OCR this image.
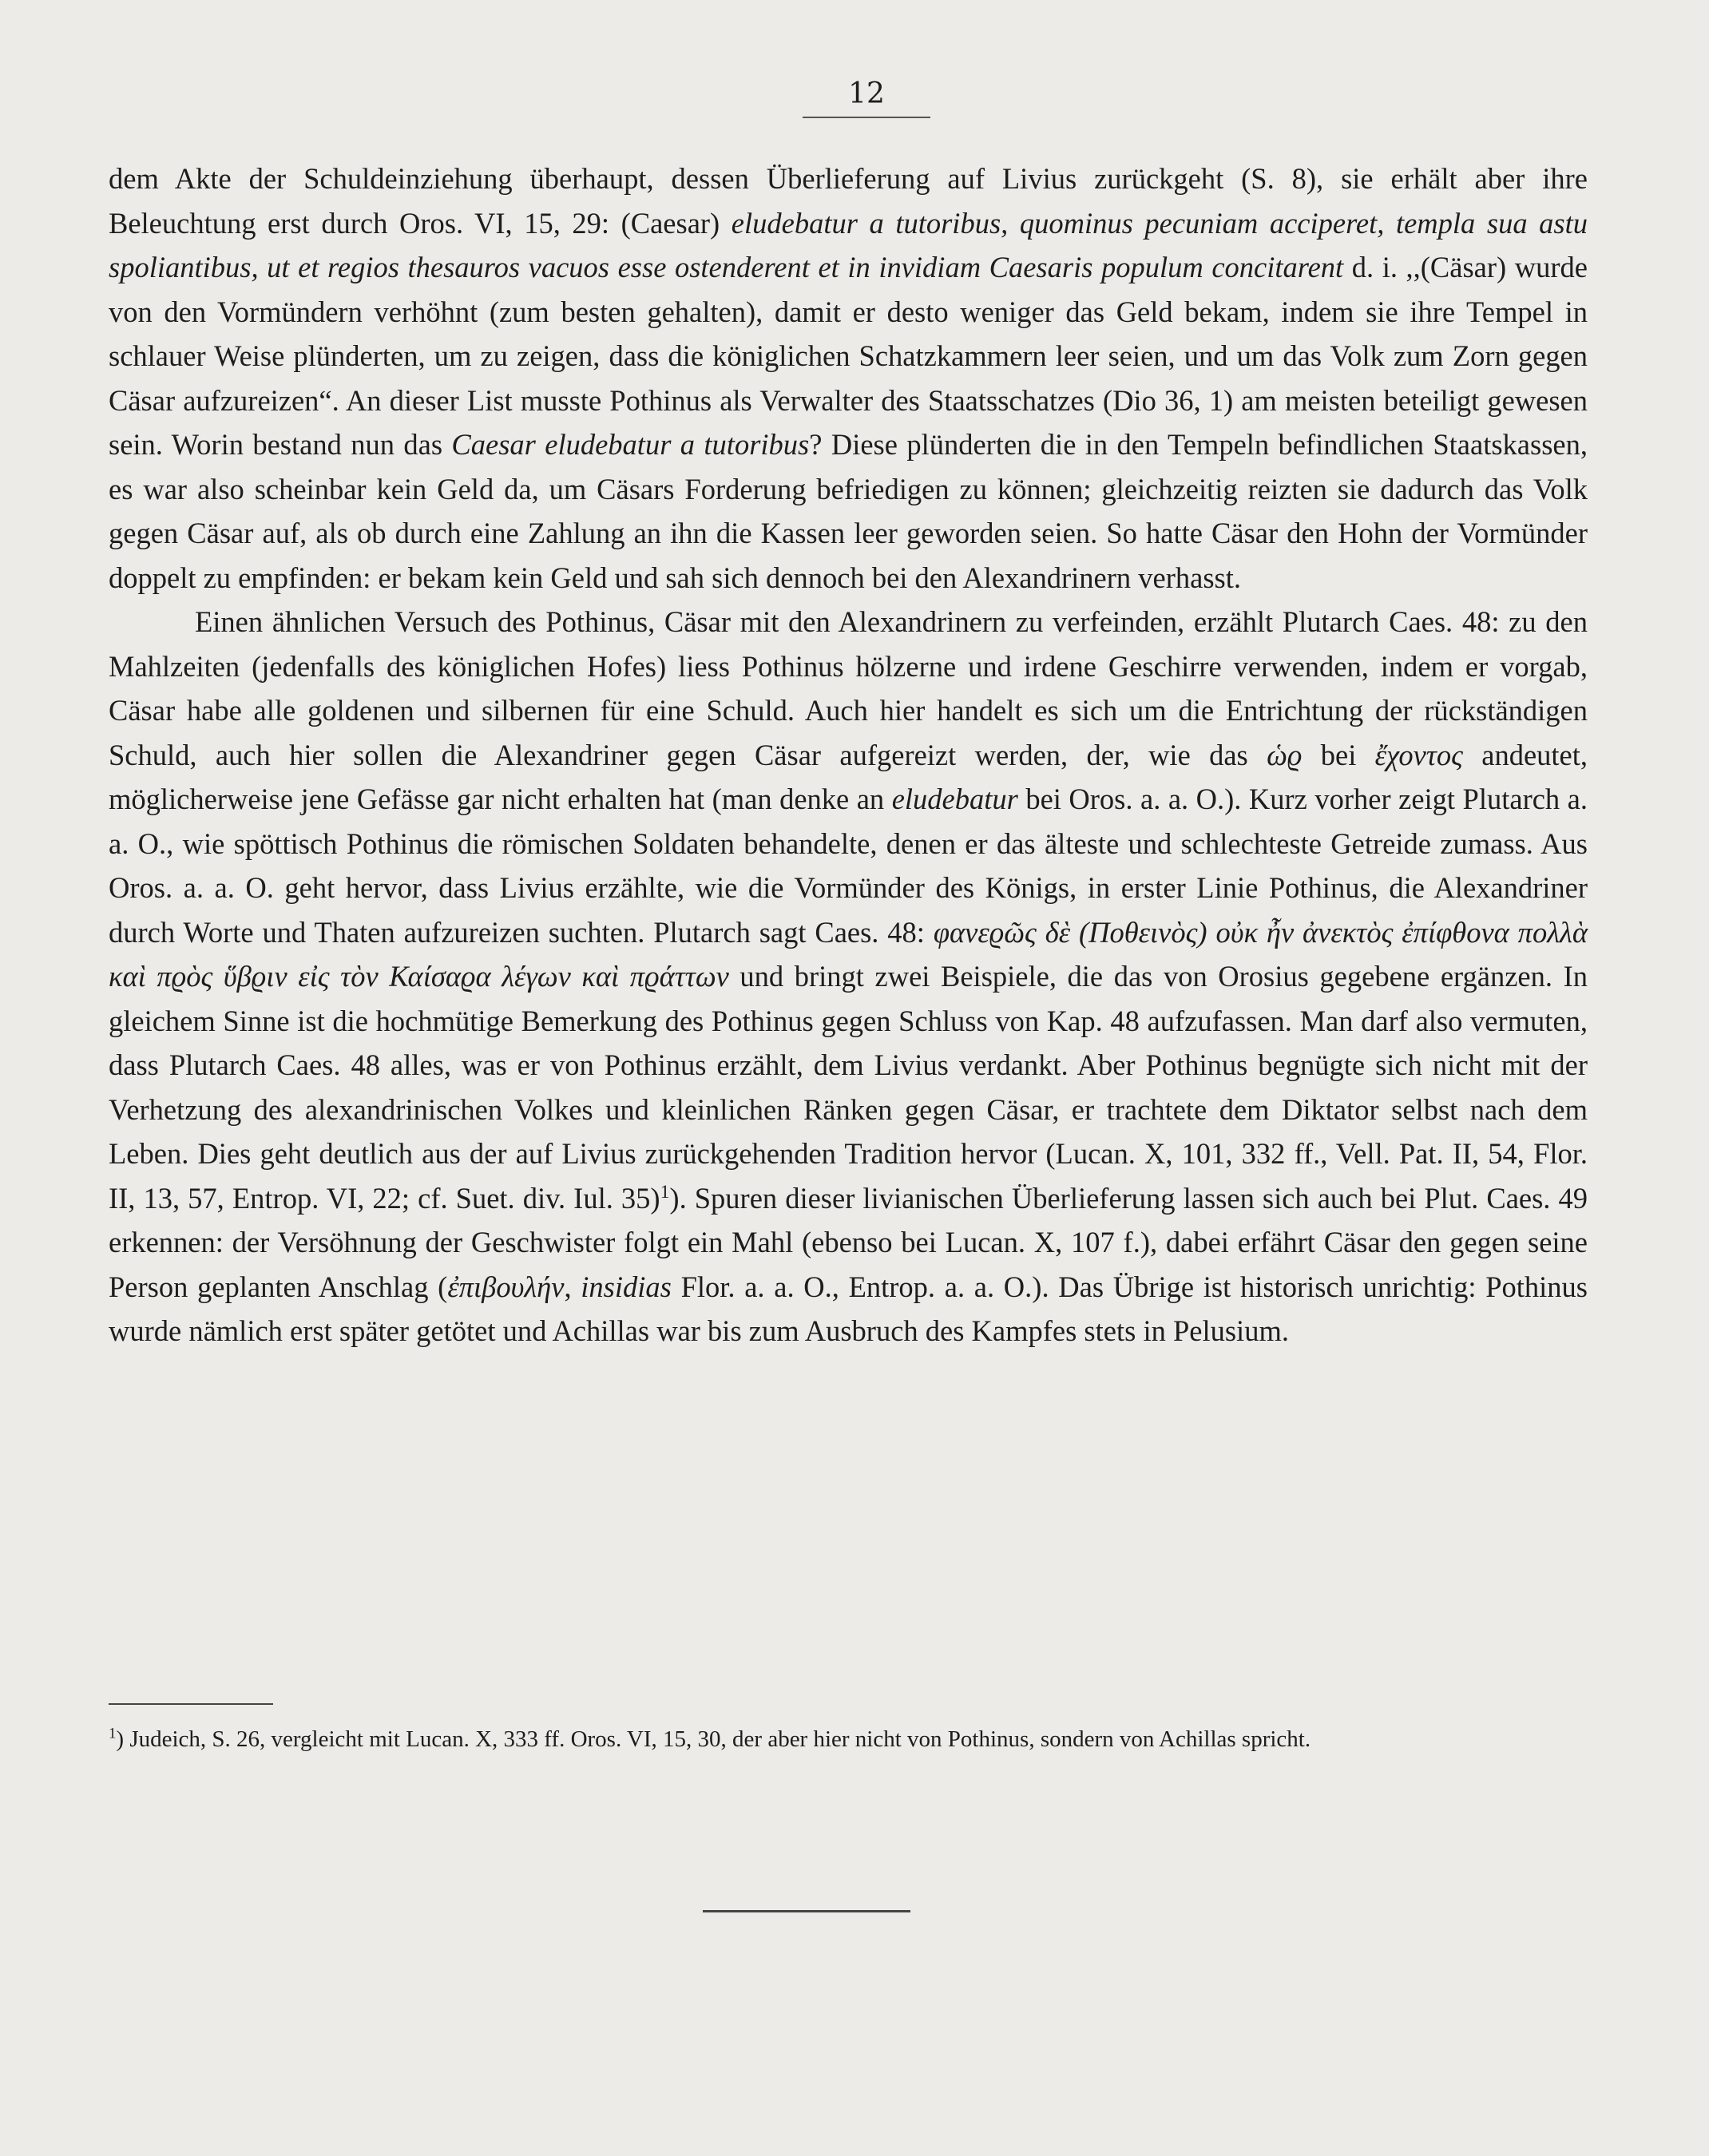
12

dem Akte der Schuldeinziehung überhaupt, dessen Überlieferung auf Livius zurückgeht (S. 8), sie erhält aber ihre Beleuchtung erst durch Oros. VI, 15, 29: (Caesar) eludebatur a tutoribus, quominus pecuniam acciperet, templa sua astu spoliantibus, ut et regios thesauros vacuos esse ostenderent et in invidiam Caesaris populum concitarent d. i. ,,(Cäsar) wurde von den Vormündern verhöhnt (zum besten gehalten), damit er desto weniger das Geld bekam, indem sie ihre Tempel in schlauer Weise plünderten, um zu zeigen, dass die königlichen Schatzkammern leer seien, und um das Volk zum Zorn gegen Cäsar aufzureizen“. An dieser List musste Pothinus als Verwalter des Staatsschatzes (Dio 36, 1) am meisten beteiligt gewesen sein. Worin bestand nun das Caesar eludebatur a tutoribus? Diese plünderten die in den Tempeln befindlichen Staatskassen, es war also scheinbar kein Geld da, um Cäsars Forderung befriedigen zu können; gleichzeitig reizten sie dadurch das Volk gegen Cäsar auf, als ob durch eine Zahlung an ihn die Kassen leer geworden seien. So hatte Cäsar den Hohn der Vormünder doppelt zu empfinden: er bekam kein Geld und sah sich dennoch bei den Alexandrinern verhasst.

Einen ähnlichen Versuch des Pothinus, Cäsar mit den Alexandrinern zu verfeinden, erzählt Plutarch Caes. 48: zu den Mahlzeiten (jedenfalls des königlichen Hofes) liess Pothinus hölzerne und irdene Geschirre verwenden, indem er vorgab, Cäsar habe alle goldenen und silbernen für eine Schuld. Auch hier handelt es sich um die Entrichtung der rückständigen Schuld, auch hier sollen die Alexandriner gegen Cäsar aufgereizt werden, der, wie das ὡϱ bei ἔχοντος andeutet, möglicherweise jene Gefässe gar nicht erhalten hat (man denke an eludebatur bei Oros. a. a. O.). Kurz vorher zeigt Plutarch a. a. O., wie spöttisch Pothinus die römischen Soldaten behandelte, denen er das älteste und schlechteste Getreide zumass. Aus Oros. a. a. O. geht hervor, dass Livius erzählte, wie die Vormünder des Königs, in erster Linie Pothinus, die Alexandriner durch Worte und Thaten aufzureizen suchten. Plutarch sagt Caes. 48: φανεϱῶς δὲ (Ποθεινὸς) οὐκ ἦν ἀνεκτὸς ἐπίφθονα πολλὰ καὶ πϱὸς ὕβϱιν εἰς τὸν Καίσαϱα λέγων καὶ πϱάττων und bringt zwei Beispiele, die das von Orosius gegebene ergänzen. In gleichem Sinne ist die hochmütige Bemerkung des Pothinus gegen Schluss von Kap. 48 aufzufassen. Man darf also vermuten, dass Plutarch Caes. 48 alles, was er von Pothinus erzählt, dem Livius verdankt. Aber Pothinus begnügte sich nicht mit der Verhetzung des alexandrinischen Volkes und kleinlichen Ränken gegen Cäsar, er trachtete dem Diktator selbst nach dem Leben. Dies geht deutlich aus der auf Livius zurückgehenden Tradition hervor (Lucan. X, 101, 332 ff., Vell. Pat. II, 54, Flor. II, 13, 57, Entrop. VI, 22; cf. Suet. div. Iul. 35)$^1$). Spuren dieser livianischen Überlieferung lassen sich auch bei Plut. Caes. 49 erkennen: der Versöhnung der Geschwister folgt ein Mahl (ebenso bei Lucan. X, 107 f.), dabei erfährt Cäsar den gegen seine Person geplanten Anschlag (ἐπιβουλήν, insidias Flor. a. a. O., Entrop. a. a. O.). Das Übrige ist historisch unrichtig: Pothinus wurde nämlich erst später getötet und Achillas war bis zum Ausbruch des Kampfes stets in Pelusium.

$^1$) Judeich, S. 26, vergleicht mit Lucan. X, 333 ff. Oros. VI, 15, 30, der aber hier nicht von Pothinus, sondern von Achillas spricht.
